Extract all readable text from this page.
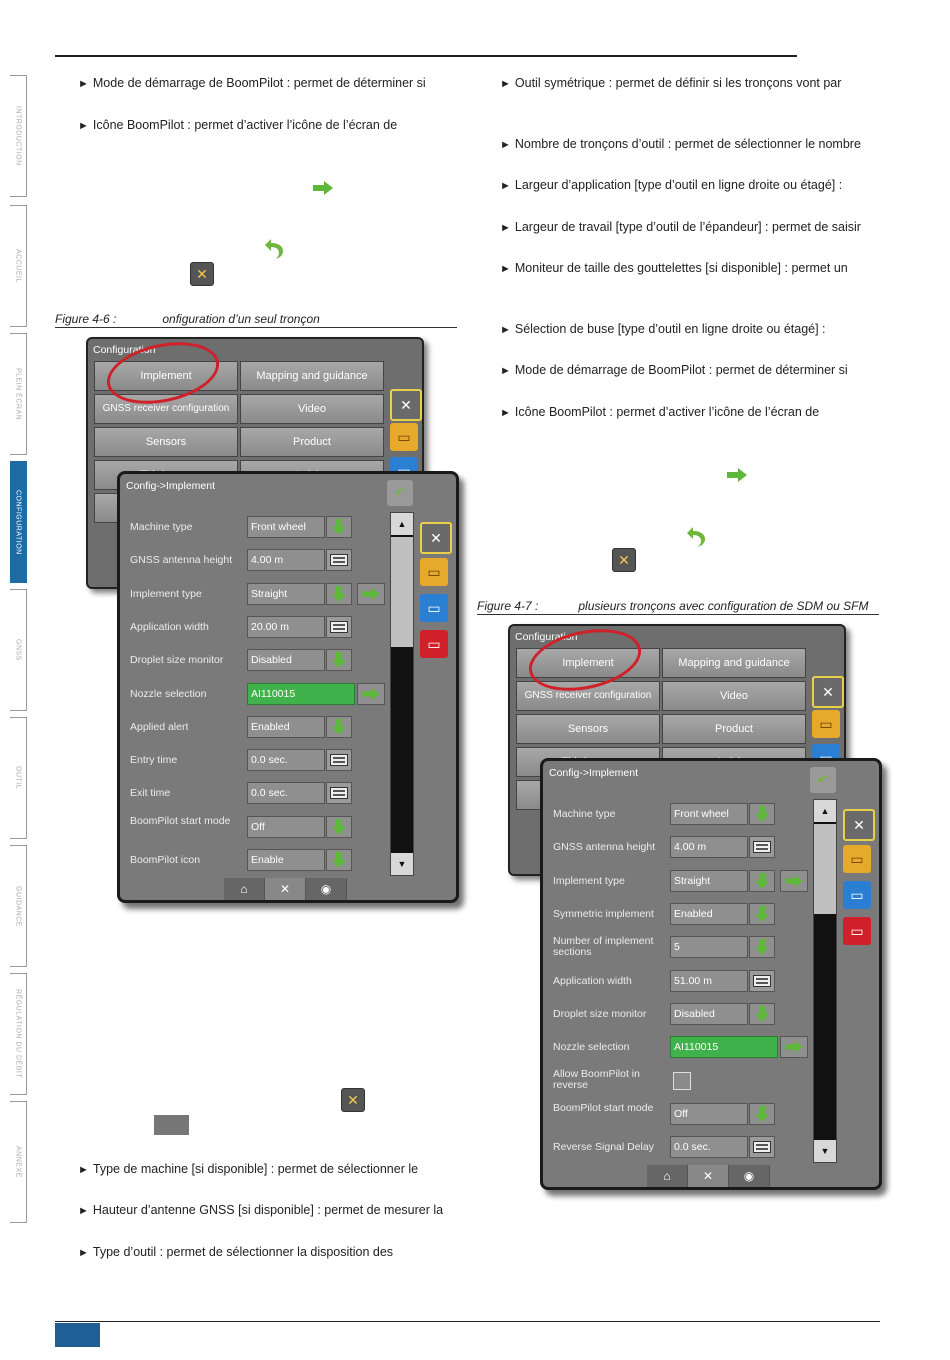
INTRODUCTION
ACCUEIL
PLEIN ÉCRAN
CONFIGURATION
GNSS
OUTIL
GUIDANCE
RÉGULATION DU DÉBIT
ANNEXE
► Mode de démarrage de BoomPilot : permet de déterminer si
► Icône BoomPilot : permet d’activer l’icône de l’écran de
✕
Figure 4-6 :	onfiguration d’un seul tronçon
Configuration
Implement	Mapping and guidance
GNSS receiver configuration	Video
Sensors	Product
✕
▭
Config->Implement	↶
Machine type	Front wheel
GNSS antenna height	4.00 m
Implement type	Straight
Application width	20.00 m
Droplet size monitor	Disabled
Nozzle selection	AI110015
Applied alert	Enabled
Entry time	0.0 sec.
Exit time	0.0 sec.
BoomPilot start mode	Off
BoomPilot icon	Enable
▲
▼
✕
▭
▭
▭
⌂	✕	◉
► Outil symétrique : permet de définir si les tronçons vont par
► Nombre de tronçons d’outil : permet de sélectionner le nombre
► Largeur d’application [type d’outil en ligne droite ou étagé] :
► Largeur de travail [type d’outil de l’épandeur] : permet de saisir
► Moniteur de taille des gouttelettes [si disponible] : permet un
► Sélection de buse [type d’outil en ligne droite ou étagé] :
► Mode de démarrage de BoomPilot : permet de déterminer si
► Icône BoomPilot : permet d’activer l’icône de l’écran de
✕
Figure 4-7 :	plusieurs tronçons avec configuration de SDM ou SFM
Configuration
Implement	Mapping and guidance
GNSS receiver configuration	Video
Sensors	Product
✕
▭
Config->Implement	↶
Machine type	Front wheel
GNSS antenna height	4.00 m
Implement type	Straight
Symmetric implement	Enabled
Number of implement sections	5
Application width	51.00 m
Droplet size monitor	Disabled
Nozzle selection	AI110015
Allow BoomPilot in reverse
BoomPilot start mode	Off
Reverse Signal Delay	0.0 sec.
▲
▼
✕
▭
▭
▭
⌂	✕	◉
✕
► Type de machine [si disponible] : permet de sélectionner le
► Hauteur d’antenne GNSS [si disponible] : permet de mesurer la
► Type d’outil : permet de sélectionner la disposition des
